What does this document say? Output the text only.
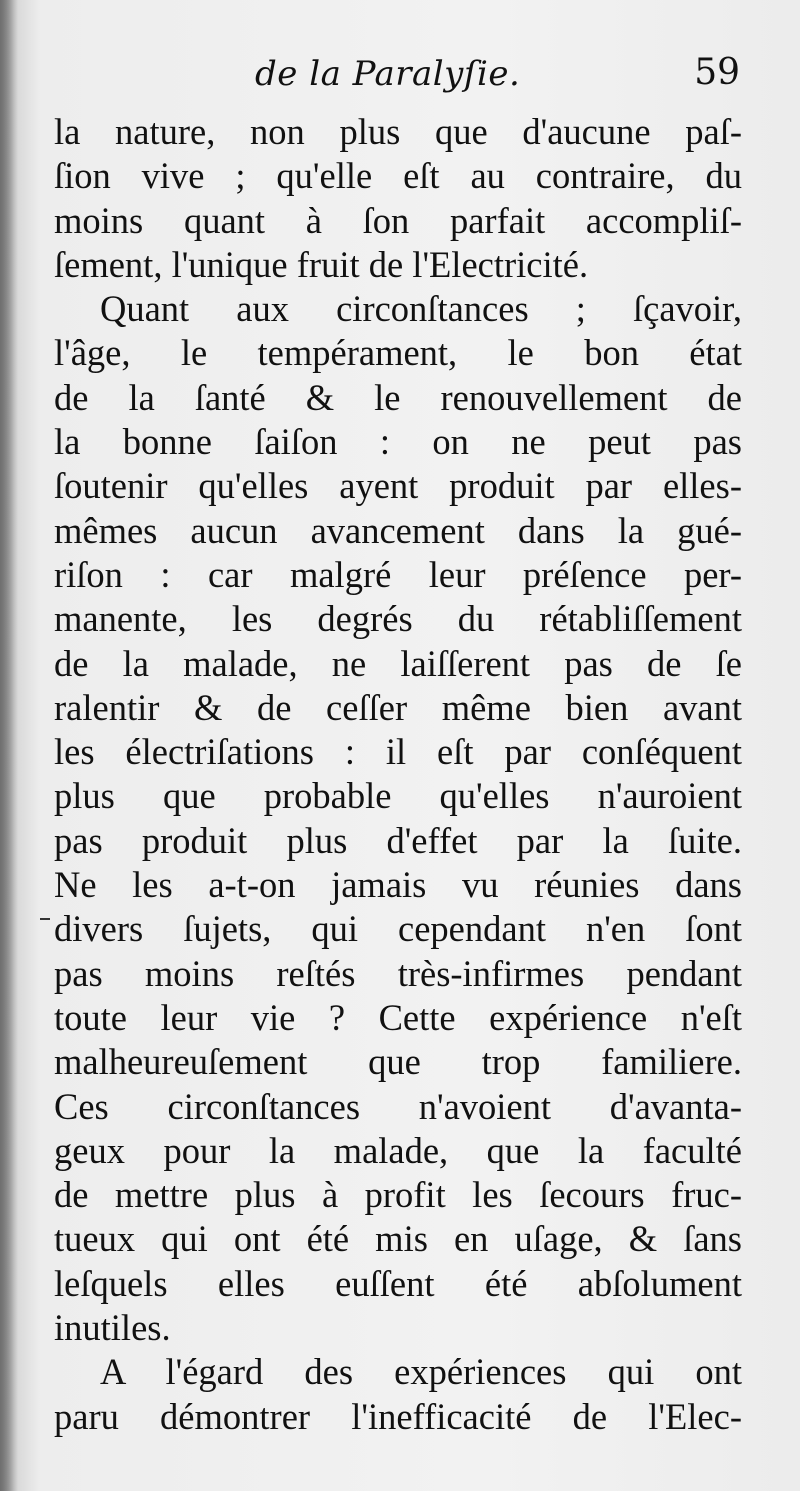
de la Paralyſie.	59
la nature, non plus que d'aucune paſ-
ſion vive ; qu'elle eſt au contraire, du
moins quant à ſon parfait accompliſ-
ſement, l'unique fruit de l'Electricité.
Quant aux circonſtances ; ſçavoir,
l'âge, le tempérament, le bon état
de la ſanté & le renouvellement de
la bonne ſaiſon : on ne peut pas
ſoutenir qu'elles ayent produit par elles-
mêmes aucun avancement dans la gué-
riſon : car malgré leur préſence per-
manente, les degrés du rétabliſſement
de la malade, ne laiſſerent pas de ſe
ralentir & de ceſſer même bien avant
les électriſations : il eſt par conſéquent
plus que probable qu'elles n'auroient
pas produit plus d'effet par la ſuite.
Ne les a-t-on jamais vu réunies dans
divers ſujets, qui cependant n'en ſont
pas moins reſtés très-infirmes pendant
toute leur vie ? Cette expérience n'eſt
malheureuſement que trop familiere.
Ces circonſtances n'avoient d'avanta-
geux pour la malade, que la faculté
de mettre plus à profit les ſecours fruc-
tueux qui ont été mis en uſage, & ſans
leſquels elles euſſent été abſolument
inutiles.
A l'égard des expériences qui ont
paru démontrer l'inefficacité de l'Elec-
